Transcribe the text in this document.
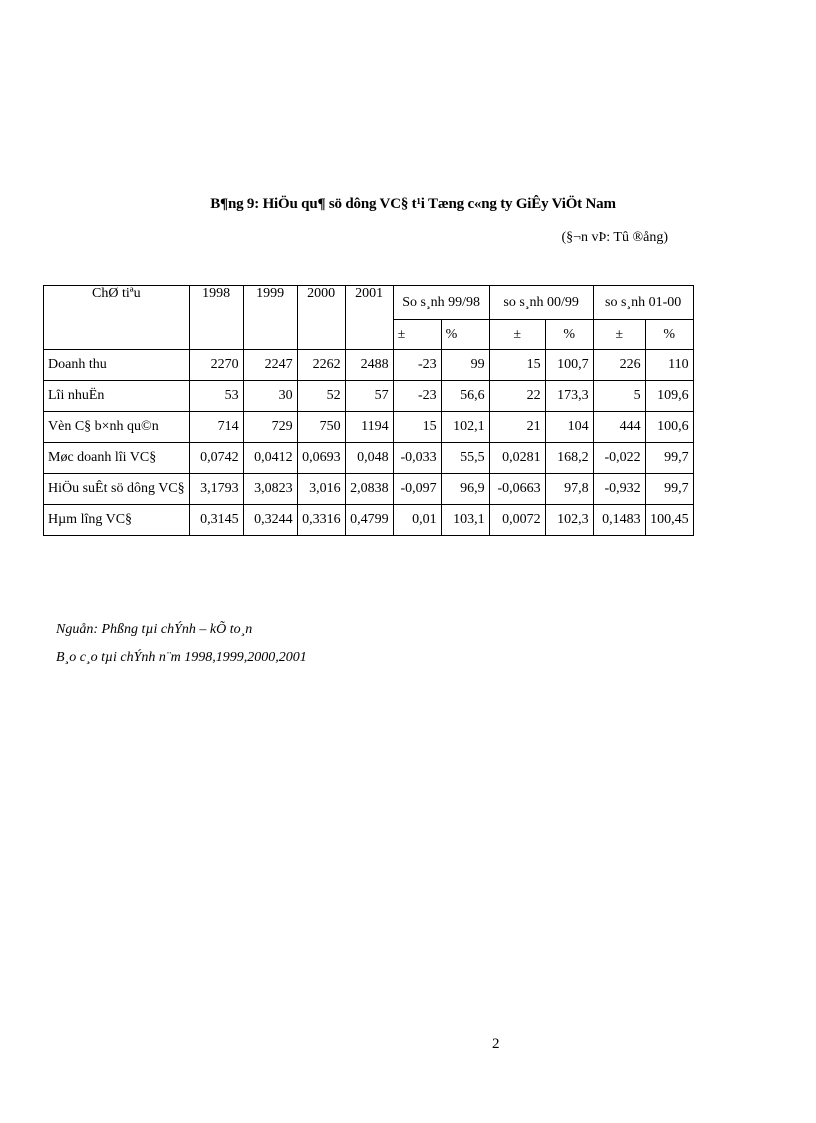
B¶ng 9: HiÖu qu¶ sö dông VC§ t¹i Tæng c«ng ty GiÊy ViÖt Nam
(§¬n vÞ: Tû ®ång)
ChØ tiªu	1998	1999	2000	2001	So s¸nh 99/98		so s¸nh 00/99		so s¸nh 01-00	
					±	%	±	%	±	%
Doanh thu	2270	2247	2262	2488	-23	99	15	100,7	226	110
Lîi nhuËn	53	30	52	57	-23	56,6	22	173,3	5	109,6
Vèn C§ b×nh qu©n	714	729	750	1194	15	102,1	21	104	444	100,6
Møc doanh lîi VC§	0,0742	0,0412	0,0693	0,048	-0,033	55,5	0,0281	168,2	-0,022	99,7
HiÖu suÊt sö dông VC§	3,1793	3,0823	3,016	2,0838	-0,097	96,9	-0,0663	97,8	-0,932	99,7
Hµm lîng VC§	0,3145	0,3244	0,3316	0,4799	0,01	103,1	0,0072	102,3	0,1483	100,45
Nguån: Phßng tµi chÝnh – kÕ to¸n
B¸o c¸o tµi chÝnh n¨m 1998,1999,2000,2001
2
